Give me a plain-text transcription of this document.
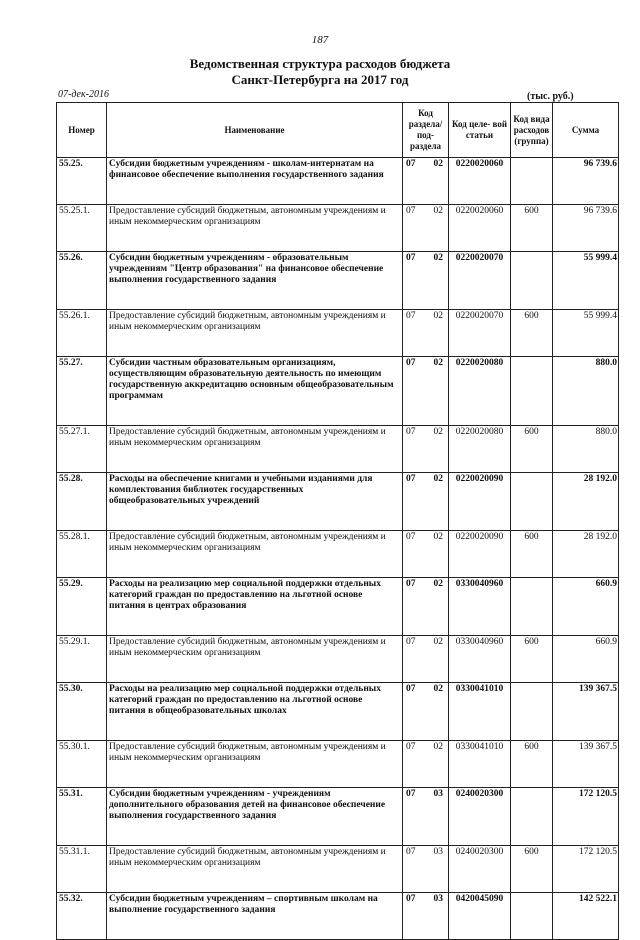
187
Ведомственная структура расходов бюджета
Санкт-Петербурга на 2017 год
07-дек-2016	(тыс. руб.)
Номер	Наименование	Код раздела/ под- раздела	Код целе- вой статьи	Код вида расходов (группа)	Сумма
55.25.	Субсидии бюджетным учреждениям - школам-интернатам на финансовое обеспечение выполнения государственного задания	07 02	0220020060		96 739.6
55.25.1.	Предоставление субсидий бюджетным, автономным учреждениям и иным некоммерческим организациям	07 02	0220020060	600	96 739.6
55.26.	Субсидии бюджетным учреждениям - образовательным учреждениям "Центр образования" на финансовое обеспечение выполнения государственного задания	07 02	0220020070		55 999.4
55.26.1.	Предоставление субсидий бюджетным, автономным учреждениям и иным некоммерческим организациям	07 02	0220020070	600	55 999.4
55.27.	Субсидии частным образовательным организациям, осуществляющим образовательную деятельность по имеющим государственную аккредитацию основным общеобразовательным программам	07 02	0220020080		880.0
55.27.1.	Предоставление субсидий бюджетным, автономным учреждениям и иным некоммерческим организациям	07 02	0220020080	600	880.0
55.28.	Расходы на обеспечение книгами и учебными изданиями для комплектования библиотек государственных общеобразовательных учреждений	07 02	0220020090		28 192.0
55.28.1.	Предоставление субсидий бюджетным, автономным учреждениям и иным некоммерческим организациям	07 02	0220020090	600	28 192.0
55.29.	Расходы на реализацию мер социальной поддержки отдельных категорий граждан по предоставлению на льготной основе питания в центрах образования	07 02	0330040960		660.9
55.29.1.	Предоставление субсидий бюджетным, автономным учреждениям и иным некоммерческим организациям	07 02	0330040960	600	660.9
55.30.	Расходы на реализацию мер социальной поддержки отдельных категорий граждан по предоставлению на льготной основе питания в общеобразовательных школах	07 02	0330041010		139 367.5
55.30.1.	Предоставление субсидий бюджетным, автономным учреждениям и иным некоммерческим организациям	07 02	0330041010	600	139 367.5
55.31.	Субсидии бюджетным учреждениям - учреждениям дополнительного образования детей на финансовое обеспечение выполнения государственного задания	07 03	0240020300		172 120.5
55.31.1.	Предоставление субсидий бюджетным, автономным учреждениям и иным некоммерческим организациям	07 03	0240020300	600	172 120.5
55.32.	Субсидии бюджетным учреждениям – спортивным школам на выполнение государственного задания	07 03	0420045090		142 522.1
